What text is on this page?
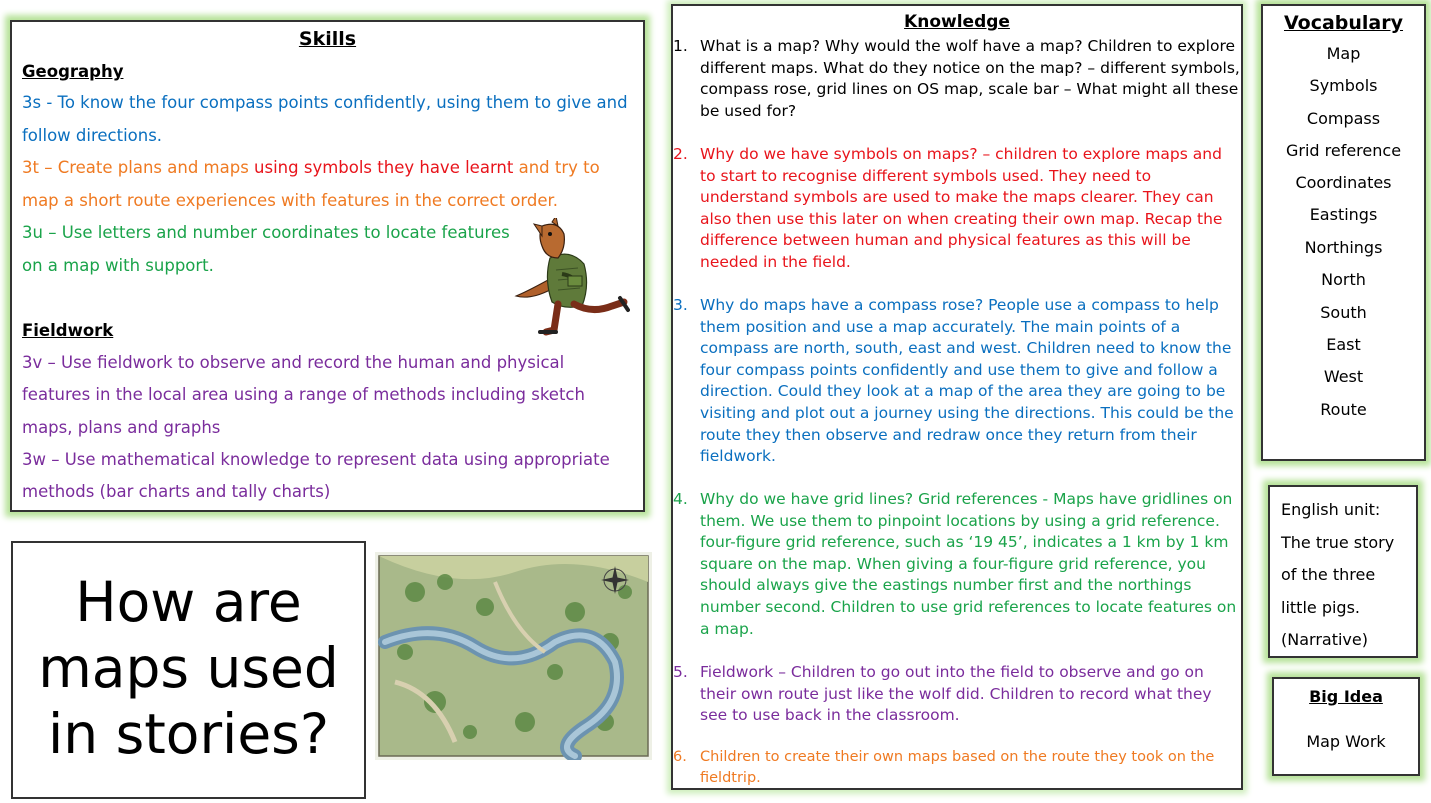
Skills
Geography
3s - To know the four compass points confidently, using them to give and
follow directions.
3t – Create plans and maps using symbols they have learnt and try to
map a short route experiences with features in the correct order.
3u – Use letters and number coordinates to locate features
on a map with support.
Fieldwork
3v – Use fieldwork to observe and record the human and physical
features in the local area using a range of methods including sketch
maps, plans and graphs
3w – Use mathematical knowledge to represent data using appropriate
methods (bar charts and tally charts)
How are
maps used
in stories?
Knowledge
1. What is a map? Why would the wolf have a map? Children to explore different maps. What do they notice on the map? – different symbols, compass rose, grid lines on OS map, scale bar – What might all these be used for?
2. Why do we have symbols on maps? – children to explore maps and to start to recognise different symbols used. They need to understand symbols are used to make the maps clearer. They can also then use this later on when creating their own map. Recap the difference between human and physical features as this will be needed in the field.
3. Why do maps have a compass rose? People use a compass to help them position and use a map accurately. The main points of a compass are north, south, east and west. Children need to know the four compass points confidently and use them to give and follow a direction. Could they look at a map of the area they are going to be visiting and plot out a journey using the directions. This could be the route they then observe and redraw once they return from their fieldwork.
4. Why do we have grid lines? Grid references - Maps have gridlines on them. We use them to pinpoint locations by using a grid reference. four-figure grid reference, such as ‘19 45’, indicates a 1 km by 1 km square on the map. When giving a four-figure grid reference, you should always give the eastings number first and the northings number second. Children to use grid references to locate features on a map.
5. Fieldwork – Children to go out into the field to observe and go on their own route just like the wolf did. Children to record what they see to use back in the classroom.
6. Children to create their own maps based on the route they took on the fieldtrip.
Vocabulary
Map
Symbols
Compass
Grid reference
Coordinates
Eastings
Northings
North
South
East
West
Route
English unit:
The true story
of the three
little pigs.
(Narrative)
Big Idea
Map Work
